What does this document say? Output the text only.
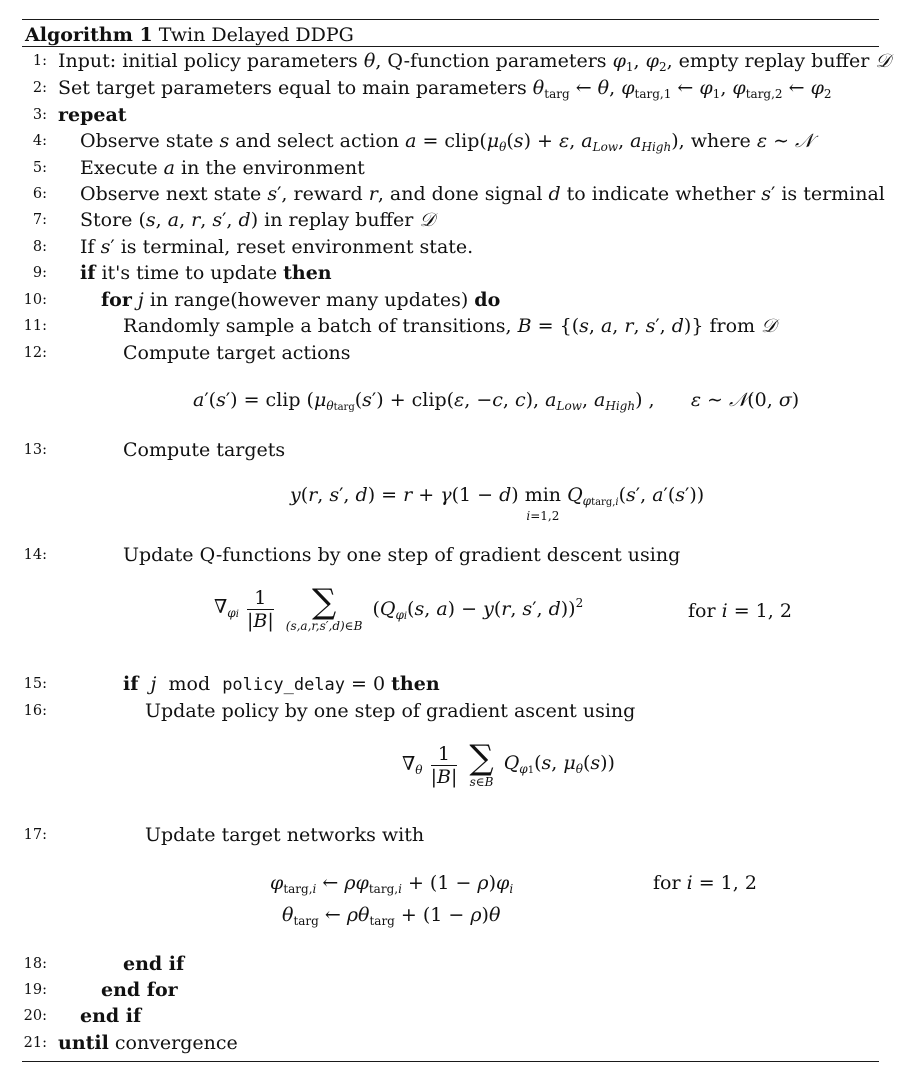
Algorithm 1 Twin Delayed DDPG
1: Input: initial policy parameters θ, Q-function parameters $\varphi_1$, $\varphi_2$, empty replay buffer 𝒟
2: Set target parameters equal to main parameters $\theta_{targ}$ ← θ, $\varphi_{targ,1}$ ← $\varphi_1$, $\varphi_{targ,2}$ ← $\varphi_2$
3: repeat
4: Observe state s and select action $a = clip(\mu_\theta(s) + \varepsilon$, $a_{Low}$, $a_{High}$), where ε ∼ 𝒩
5: Execute a in the environment
6: Observe next state s′, reward r, and done signal d to indicate whether s′ is terminal
7: Store (s, a, r, s′, d) in replay buffer 𝒟
8: If s′ is terminal, reset environment state.
9: if it's time to update then
10:	for j in range(however many updates) do
11:	Randomly sample a batch of transitions, B = {(s, a, r, s′, d)} from 𝒟
12:	Compute target actions
a′(s′) = clip ($\mu_{\theta targ}(s')$ + clip(ε, −c, c), $a_{Low}$, $a_{High}$) ,      ε ∼ 𝒩(0, σ)
13:	Compute targets
y(r, s′, d) = r + γ(1 − d) min
i=1,2 $Q_{\varphi targ,i}(s'$, a′(s′))
14:	Update Q-functions by one step of gradient descent using
$\nabla_{\varphi i} \frac{1}{|B|}$
	∑
(s,a,r,s′,d)∈B
($Q_{\varphi i}(s$, a) − y(r, s′, d))$^2$	for i = 1, 2
15:	if j  mod  policy_delay = 0 then
16:	Update policy by one step of gradient ascent using
$\nabla_\theta \frac{1}{|B|}$
∑
s∈B
$Q_{\varphi 1}(s$, $\mu_\theta(s)$)
17:	Update target networks with
$\varphi_{targ,i}$ ← $\rho\varphi_{targ,i} + (1 - \rho)\varphi_i$	for i = 1, 2
$\theta_{targ}$ ← $\rho\theta_{targ} + (1 - \rho)\theta$
18:	end if
19:	end for
20: end if
21: until convergence
